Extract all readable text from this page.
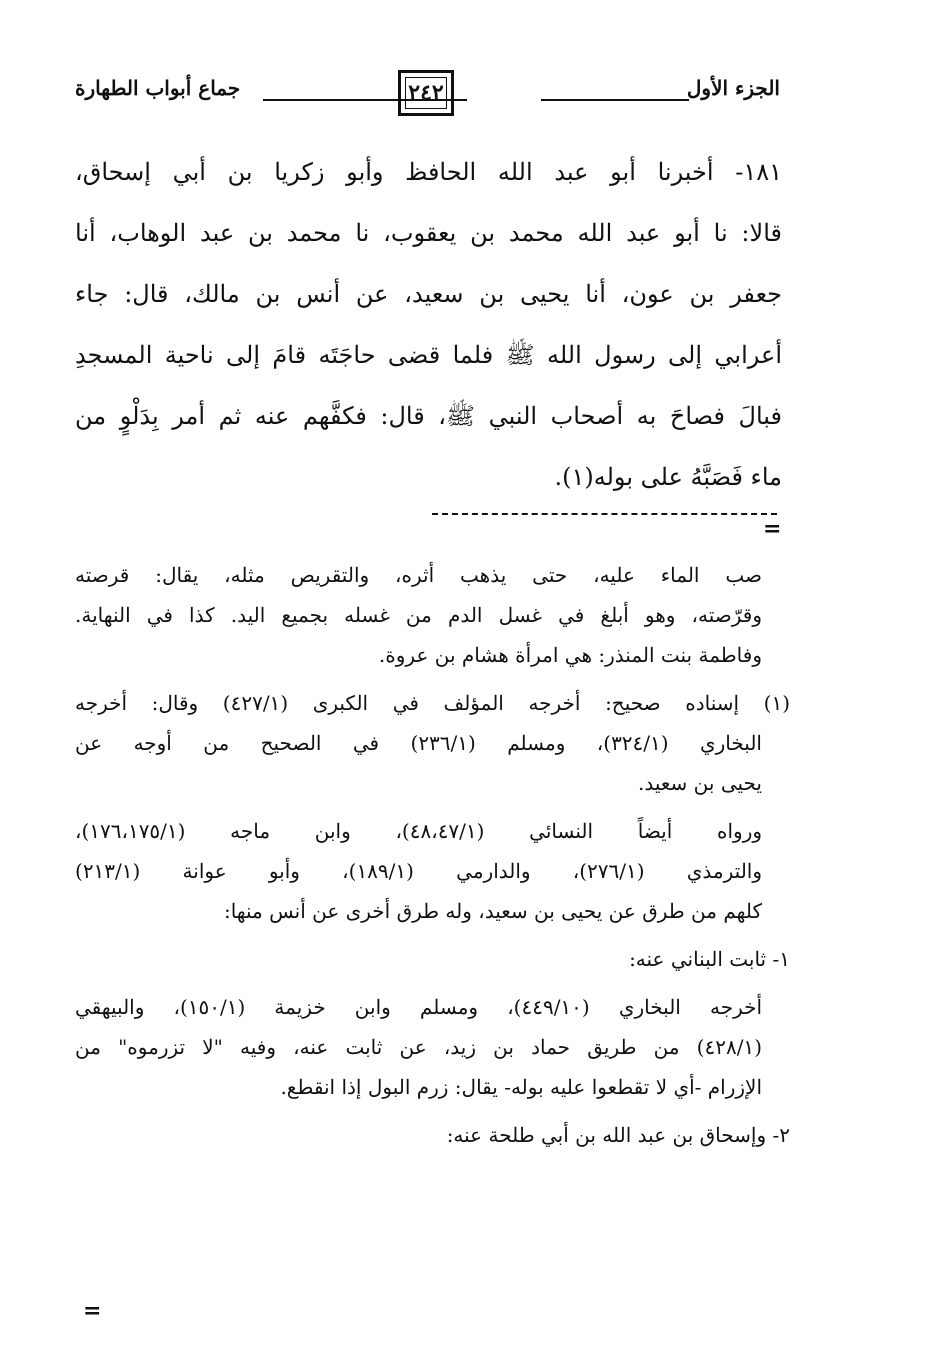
الجزء الأول
٢٤٢
جماع أبواب الطهارة
١٨١- أخبرنا أبو عبد الله الحافظ وأبو زكريا بن أبي إسحاق،
قالا: نا أبو عبد الله محمد بن يعقوب، نا محمد بن عبد الوهاب، أنا
جعفر بن عون، أنا يحيى بن سعيد، عن أنس بن مالك، قال: جاء
أعرابي إلى رسول الله ﷺ فلما قضى حاجَتَه قامَ إلى ناحية المسجدِ
فبالَ فصاحَ به أصحاب النبي ﷺ، قال: فكفَّهم عنه ثم أمر بِدَلْوٍ من
ماء فَصَبَّهُ على بوله(١).
=
صب الماء عليه، حتى يذهب أثره، والتقريص مثله، يقال: قرصته
وقرّصته، وهو أبلغ في غسل الدم من غسله بجميع اليد. كذا في النهاية.
وفاطمة بنت المنذر: هي امرأة هشام بن عروة.
(١) إسناده صحيح: أخرجه المؤلف في الكبرى (٤٢٧/١) وقال: أخرجه
البخاري (٣٢٤/١)، ومسلم (٢٣٦/١) في الصحيح من أوجه عن
يحيى بن سعيد.
ورواه أيضاً النسائي (٤٨،٤٧/١)، وابن ماجه (١٧٦،١٧٥/١)،
والترمذي (٢٧٦/١)، والدارمي (١٨٩/١)، وأبو عوانة (٢١٣/١)
كلهم من طرق عن يحيى بن سعيد، وله طرق أخرى عن أنس منها:
١- ثابت البناني عنه:
أخرجه البخاري (٤٤٩/١٠)، ومسلم وابن خزيمة (١٥٠/١)، والبيهقي
(٤٢٨/١) من طريق حماد بن زيد، عن ثابت عنه، وفيه "لا تزرموه" من
الإزرام -أي لا تقطعوا عليه بوله- يقال: زرم البول إذا انقطع.
٢- وإسحاق بن عبد الله بن أبي طلحة عنه:
=
